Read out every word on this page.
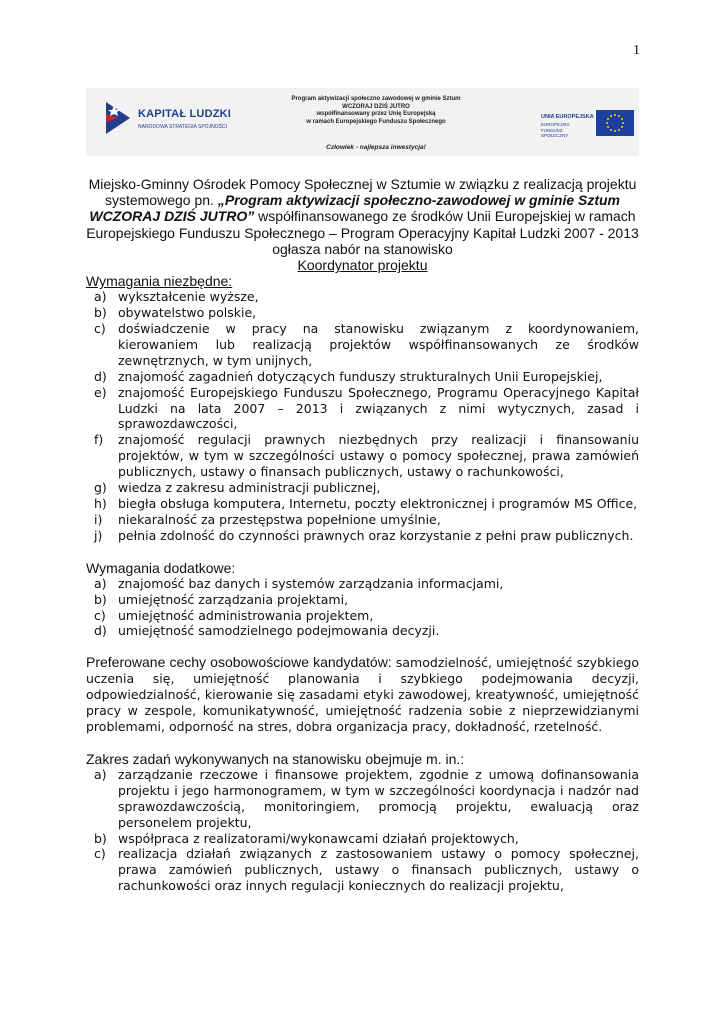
1
KAPITAŁ LUDZKI
NARODOWA STRATEGIA SPÓJNOŚCI
Program aktywizacji społeczno zawodowej w gminie Sztum
WCZORAJ DZIŚ JUTRO
współfinansowany przez Unię Europejską
w ramach Europejskiego Funduszu Społecznego
Człowiek - najlepsza inwestycja!
UNIA EUROPEJSKA
EUROPEJSKI FUNDUSZ SPOŁECZNY
Miejsko-Gminny Ośrodek Pomocy Społecznej w Sztumie w związku z realizacją projektu systemowego pn. „Program aktywizacji społeczno-zawodowej w gminie Sztum WCZORAJ DZIŚ JUTRO” współfinansowanego ze środków Unii Europejskiej w ramach Europejskiego Funduszu Społecznego – Program Operacyjny Kapitał Ludzki 2007 - 2013
ogłasza nabór na stanowisko
Koordynator projektu
Wymagania niezbędne:
a) wykształcenie wyższe,
b) obywatelstwo polskie,
c) doświadczenie w pracy na stanowisku związanym z koordynowaniem, kierowaniem lub realizacją projektów współfinansowanych ze środków zewnętrznych, w tym unijnych,
d) znajomość zagadnień dotyczących funduszy strukturalnych Unii Europejskiej,
e) znajomość Europejskiego Funduszu Społecznego, Programu Operacyjnego Kapitał Ludzki na lata 2007 – 2013 i związanych z nimi wytycznych, zasad i sprawozdawczości,
f) znajomość regulacji prawnych niezbędnych przy realizacji i finansowaniu projektów, w tym w szczególności ustawy o pomocy społecznej, prawa zamówień publicznych, ustawy o finansach publicznych, ustawy o rachunkowości,
g) wiedza z zakresu administracji publicznej,
h) biegła obsługa komputera, Internetu, poczty elektronicznej i programów MS Office,
i) niekaralność za przestępstwa popełnione umyślnie,
j) pełnia zdolność do czynności prawnych oraz korzystanie z pełni praw publicznych.
Wymagania dodatkowe:
a) znajomość baz danych i systemów zarządzania informacjami,
b) umiejętność zarządzania projektami,
c) umiejętność administrowania projektem,
d) umiejętność samodzielnego podejmowania decyzji.
Preferowane cechy osobowościowe kandydatów: samodzielność, umiejętność szybkiego uczenia się, umiejętność planowania i szybkiego podejmowania decyzji, odpowiedzialność, kierowanie się zasadami etyki zawodowej, kreatywność, umiejętność pracy w zespole, komunikatywność, umiejętność radzenia sobie z nieprzewidzianymi problemami, odporność na stres, dobra organizacja pracy, dokładność, rzetelność.
Zakres zadań wykonywanych na stanowisku obejmuje m. in.:
a) zarządzanie rzeczowe i finansowe projektem, zgodnie z umową dofinansowania projektu i jego harmonogramem, w tym w szczególności koordynacja i nadzór nad sprawozdawczością, monitoringiem, promocją projektu, ewaluacją oraz personelem projektu,
b) współpraca z realizatorami/wykonawcami działań projektowych,
c) realizacja działań związanych z zastosowaniem ustawy o pomocy społecznej, prawa zamówień publicznych, ustawy o finansach publicznych, ustawy o rachunkowości oraz innych regulacji koniecznych do realizacji projektu,
